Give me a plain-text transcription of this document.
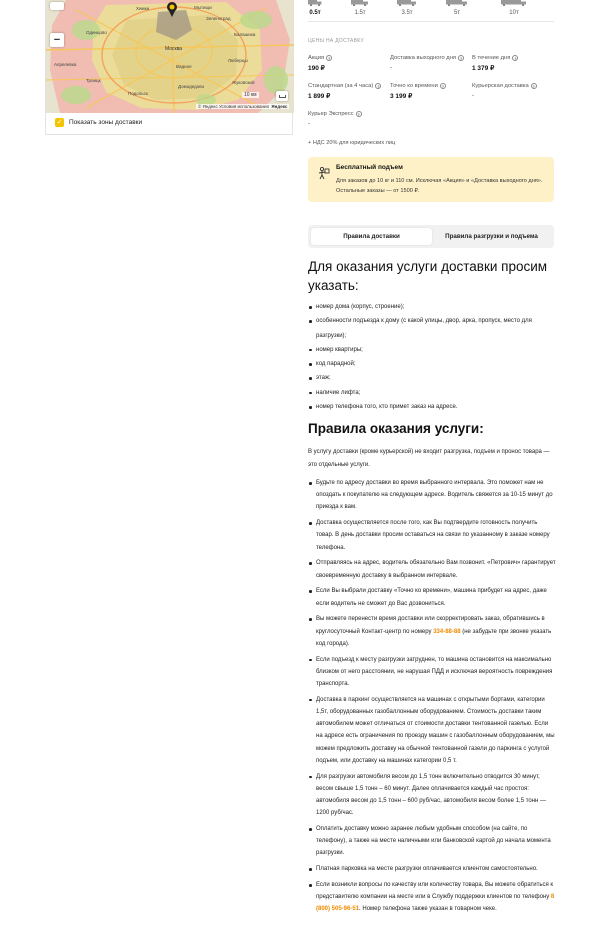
Мытищи
Химки
Зеленоград
Одинцово
Москва
Балашиха
Люберцы
Видное
Домодедово
Подольск
Жуковский
Троицк
Апрелевка
−
10 км
© Яндекс Условия использования Яндекс
✓ Показать зоны доставки
0.5т	1.5т	3.5т	5т	10т
ЦЕНЫ НА ДОСТАВКУ
Акция ?
190 ₽
Доставка выходного дня ?
-
В течение дня ?
1 379 ₽
Стандартная (за 4 часа) ?
1 899 ₽
Точно ко времени ?
3 199 ₽
Курьерская доставка ?
-
Курьер Экспресс ?
-
+ НДС 20% для юридических лиц
Бесплатный подъем
Для заказов до 10 кг и 110 см. Исключая «Акция» и «Доставка выходного дня». Остальные заказы — от 1500 ₽.
Правила доставки	Правила разгрузки и подъема
Для оказания услуги доставки просим указать:
номер дома (корпус, строение);
особенности подъезда к дому (с какой улицы, двор, арка, пропуск, место для разгрузки);
номер квартиры;
код парадной;
этаж;
наличие лифта;
номер телефона того, кто примет заказ на адресе.
Правила оказания услуги:

В услугу доставки (кроме курьерской) не входит разгрузка, подъем и пронос товара — это отдельные услуги.

Будьте по адресу доставки во время выбранного интервала. Это поможет нам не опоздать к покупателю на следующем адресе. Водитель свяжется за 10-15 минут до приезда к вам.
Доставка осуществляется после того, как Вы подтвердите готовность получить товар. В день доставки просим оставаться на связи по указанному в заказе номеру телефона.
Отправляясь на адрес, водитель обязательно Вам позвонит. «Петрович» гарантирует своевременную доставку в выбранном интервале.
Если Вы выбрали доставку «Точно ко времени», машина прибудет на адрес, даже если водитель не сможет до Вас дозвониться.
Вы можете перенести время доставки или скорректировать заказ, обратившись в круглосуточный Контакт-центр по номеру 334-88-88 (не забудьте при звонке указать код города).
Если подъезд к месту разгрузки затруднен, то машина остановится на максимально близком от него расстоянии, не нарушая ПДД и исключая вероятность повреждения транспорта.
Доставка в паркинг осуществляется на машинах с открытыми бортами, категории 1,5т, оборудованных газобаллонным оборудованием. Стоимость доставки таким автомобилем может отличаться от стоимости доставки тентованной газелью. Если на адресе есть ограничения по проезду машин с газобаллонным оборудованием, мы можем предложить доставку на обычной тентованной газели до паркинга с услугой подъем, или доставку на машинах категории 0,5 т.
Для разгрузки автомобиля весом до 1,5 тонн включительно отводится 30 минут, весом свыше 1,5 тонн – 60 минут. Далее оплачивается каждый час простоя: автомобиля весом до 1,5 тонн – 600 руб/час, автомобиля весом более 1,5 тонн — 1200 руб/час.
Оплатить доставку можно заранее любым удобным способом (на сайте, по телефону), а также на месте наличными или банковской картой до начала момента разгрузки.
Платная парковка на месте разгрузки оплачивается клиентом самостоятельно.
Если возникли вопросы по качеству или количеству товара, Вы можете обратиться к представителю компании на месте или в Службу поддержки клиентов по телефону 8 (800) 505-96-51. Номер телефона также указан в товарном чеке.
